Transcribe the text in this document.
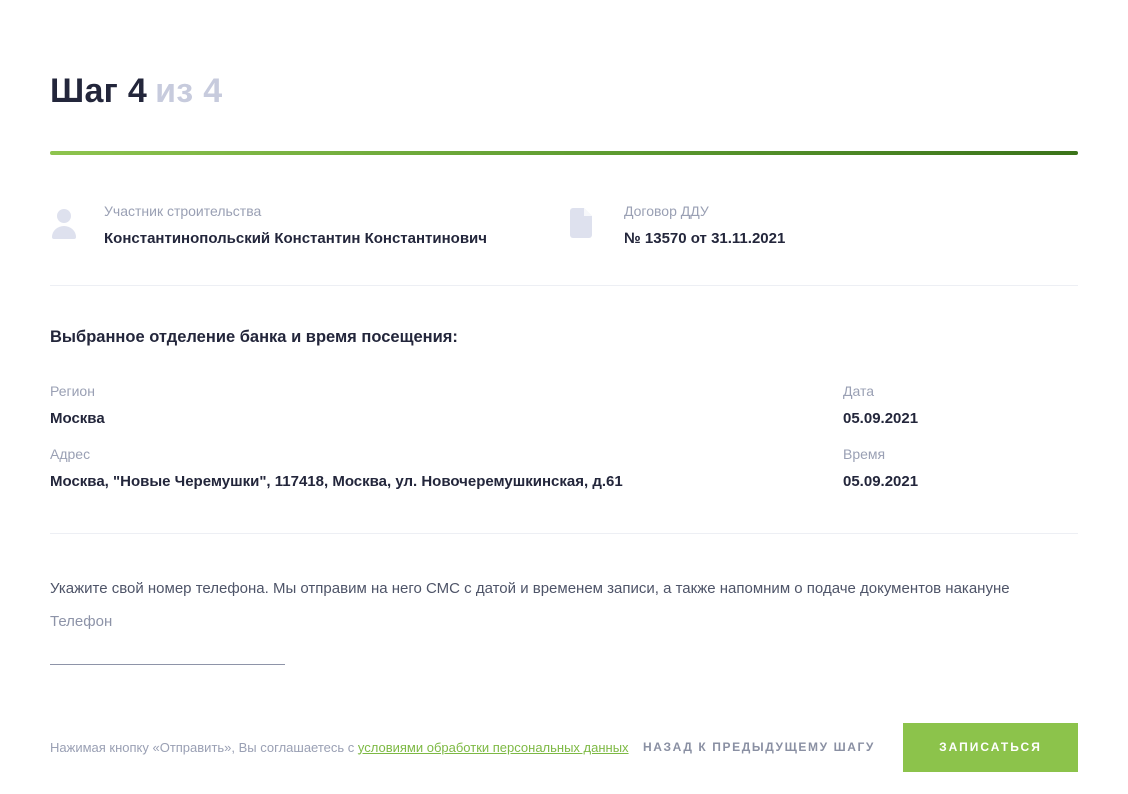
Шаг 4 из 4
Участник строительства
Константинопольский Константин Константинович
Договор ДДУ
№ 13570 от 31.11.2021
Выбранное отделение банка и время посещения:
Регион
Москва
Дата
05.09.2021
Адрес
Москва, "Новые Черемушки", 117418, Москва, ул. Новочеремушкинская, д.61
Время
05.09.2021

Укажите свой номер телефона. Мы отправим на него СМС с датой и временем записи, а также напомним о подаче документов накануне

Телефон
Нажимая кнопку «Отправить», Вы соглашаетесь с условиями обработки персональных данных НАЗАД К ПРЕДЫДУЩЕМУ ШАГУ	ЗАПИСАТЬСЯ
